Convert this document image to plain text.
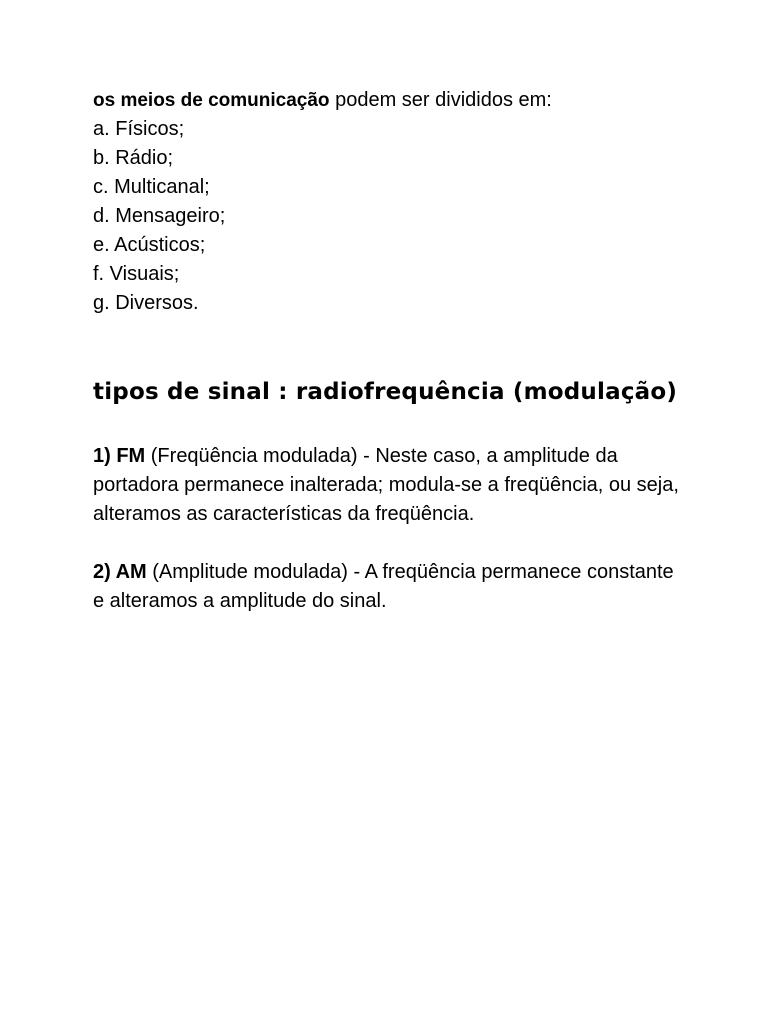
os meios de comunicação podem ser divididos em:

a. Físicos;
b. Rádio;
c. Multicanal;
d. Mensageiro;
e. Acústicos;
f. Visuais;
g. Diversos.
tipos de sinal : radiofrequência (modulação)

1) FM (Freqüência modulada) - Neste caso, a amplitude da portadora permanece inalterada; modula-se a freqüência, ou seja, alteramos as características da freqüência.

2) AM (Amplitude modulada) - A freqüência permanece constante e alteramos a amplitude do sinal.
